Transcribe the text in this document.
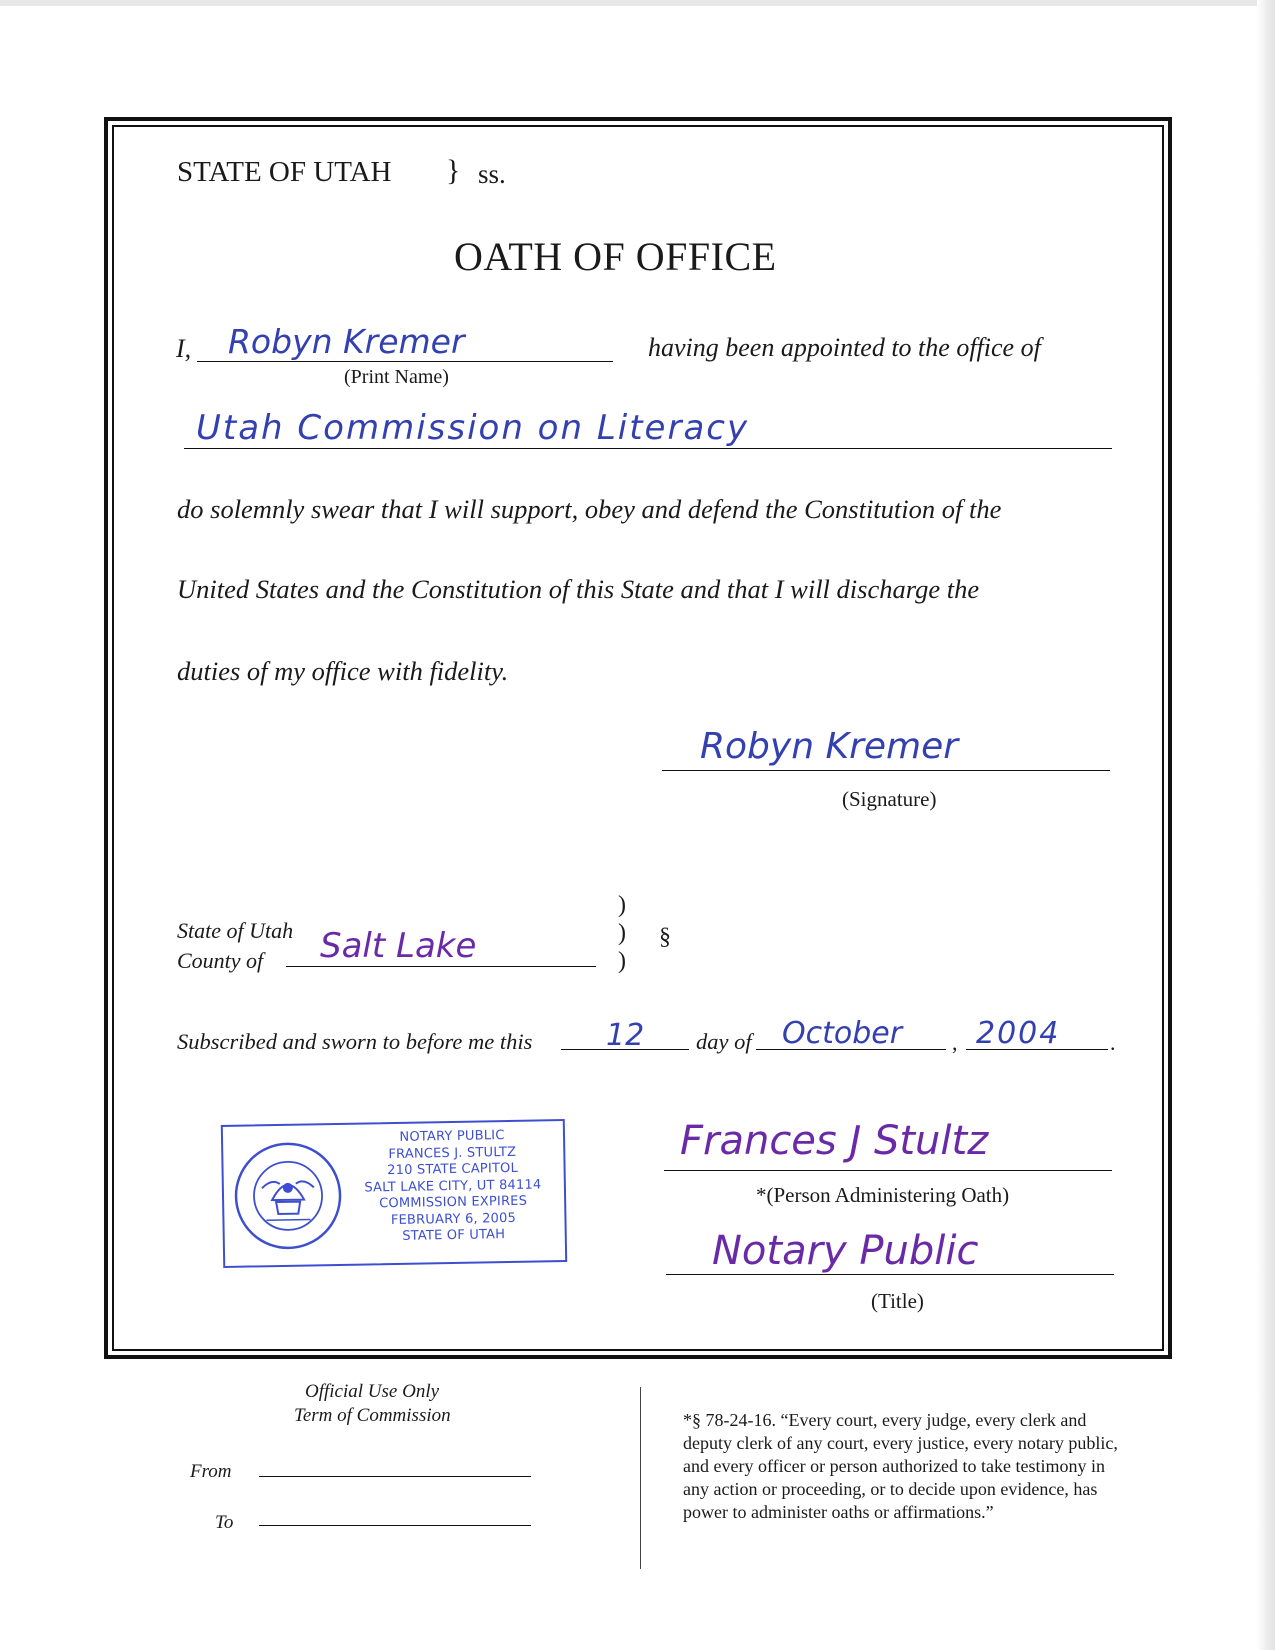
STATE OF UTAH } ss.
OATH OF OFFICE
I, Robyn Kremer
(Print Name)
having been appointed to the office of
Utah Commission on Literacy
do solemnly swear that I will support, obey and defend the Constitution of the
United States and the Constitution of this State and that I will discharge the
duties of my office with fidelity.
Robyn Kremer
(Signature)
State of Utah
County of Salt Lake
)
)
)
§
Subscribed and sworn to before me this 12 day of October , 2004 .
NOTARY PUBLIC
FRANCES J. STULTZ
210 STATE CAPITOL
SALT LAKE CITY, UT 84114
COMMISSION EXPIRES
FEBRUARY 6, 2005
STATE OF UTAH
Frances J Stultz
*(Person Administering Oath)
Notary Public
(Title)
Official Use Only
Term of Commission
From
To
*§ 78-24-16. “Every court, every judge, every clerk and
deputy clerk of any court, every justice, every notary public,
and every officer or person authorized to take testimony in
any action or proceeding, or to decide upon evidence, has
power to administer oaths or affirmations.”
